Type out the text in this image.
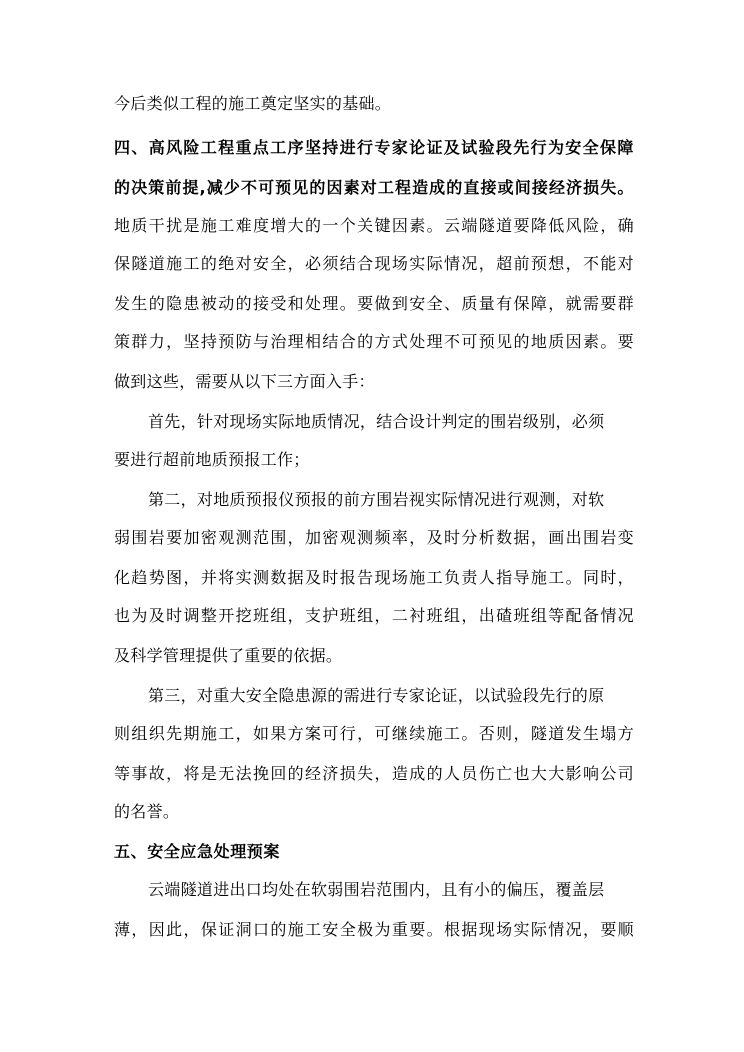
今后类似工程的施工奠定坚实的基础。
四、高风险工程重点工序坚持进行专家论证及试验段先行为安全保障
的决策前提,减少不可预见的因素对工程造成的直接或间接经济损失。
地质干扰是施工难度增大的一个关键因素。云端隧道要降低风险，确
保隧道施工的绝对安全，必须结合现场实际情况，超前预想，不能对
发生的隐患被动的接受和处理。要做到安全、质量有保障，就需要群
策群力，坚持预防与治理相结合的方式处理不可预见的地质因素。要
做到这些，需要从以下三方面入手：
首先，针对现场实际地质情况，结合设计判定的围岩级别，必须
要进行超前地质预报工作；
第二，对地质预报仪预报的前方围岩视实际情况进行观测，对软
弱围岩要加密观测范围，加密观测频率，及时分析数据，画出围岩变
化趋势图，并将实测数据及时报告现场施工负责人指导施工。同时，
也为及时调整开挖班组，支护班组，二衬班组，出碴班组等配备情况
及科学管理提供了重要的依据。
第三，对重大安全隐患源的需进行专家论证，以试验段先行的原
则组织先期施工，如果方案可行，可继续施工。否则，隧道发生塌方
等事故，将是无法挽回的经济损失，造成的人员伤亡也大大影响公司
的名誉。
五、安全应急处理预案
云端隧道进出口均处在软弱围岩范围内，且有小的偏压，覆盖层
薄，因此，保证洞口的施工安全极为重要。根据现场实际情况，要顺
